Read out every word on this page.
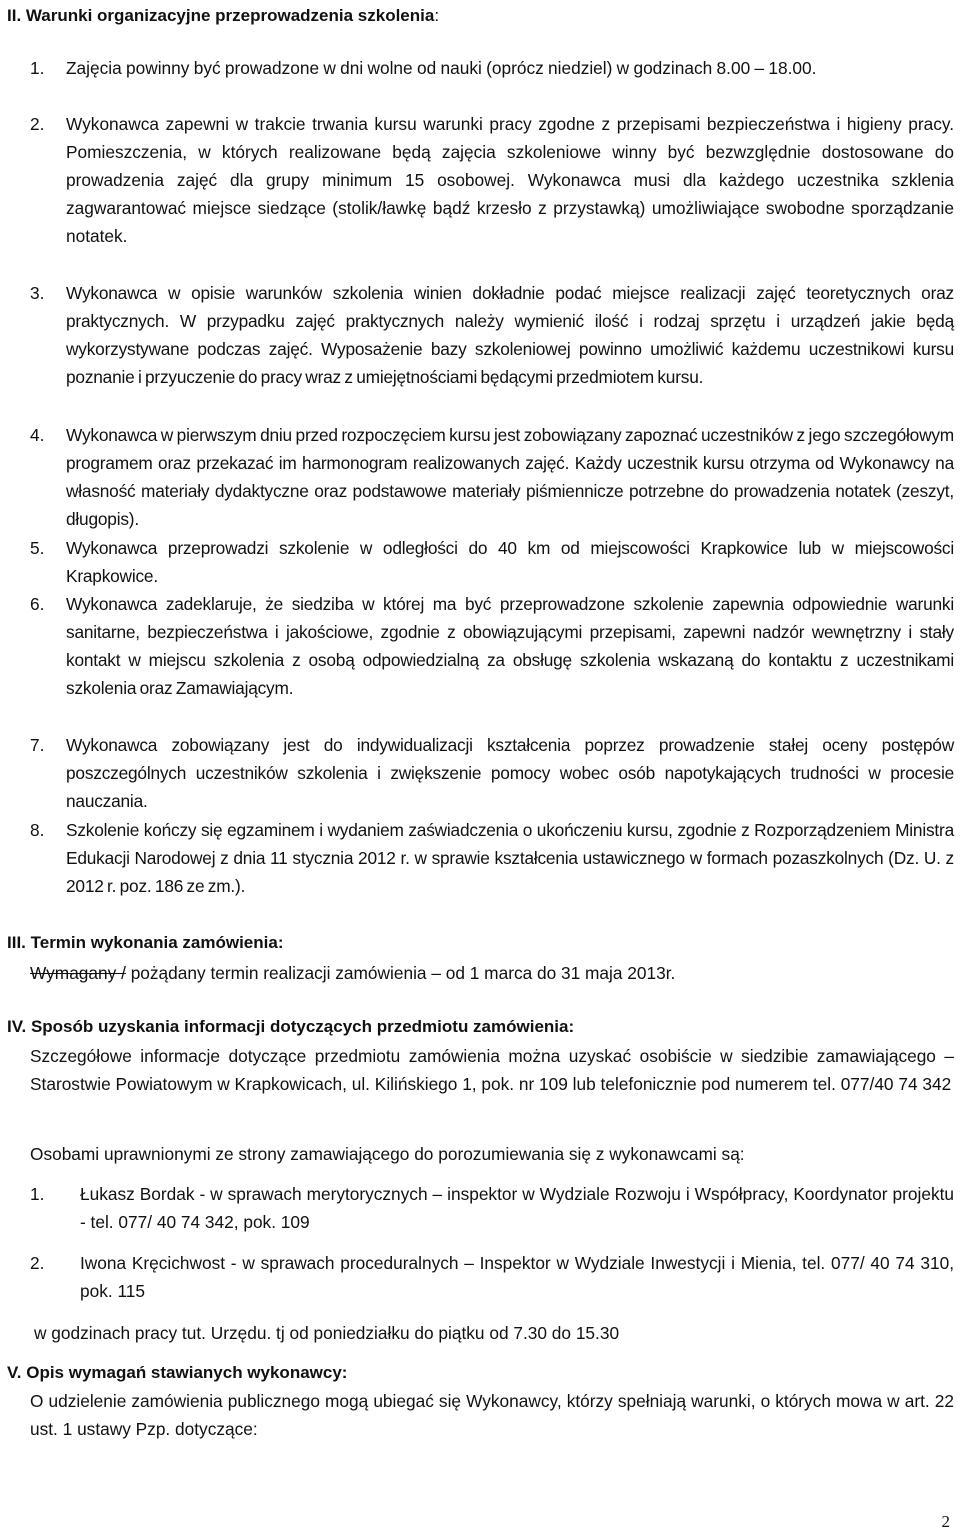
II. Warunki organizacyjne przeprowadzenia szkolenia:
1. Zajęcia powinny być prowadzone w dni wolne od nauki (oprócz niedziel) w godzinach 8.00 – 18.00.
2. Wykonawca zapewni w trakcie trwania kursu warunki pracy zgodne z przepisami bezpieczeństwa i higieny pracy. Pomieszczenia, w których realizowane będą zajęcia szkoleniowe winny być bezwzględnie dostosowane do prowadzenia zajęć dla grupy minimum 15 osobowej. Wykonawca musi dla każdego uczestnika szklenia zagwarantować miejsce siedzące (stolik/ławkę bądź krzesło z przystawką) umożliwiające swobodne sporządzanie notatek.
3. Wykonawca w opisie warunków szkolenia winien dokładnie podać miejsce realizacji zajęć teoretycznych oraz praktycznych. W przypadku zajęć praktycznych należy wymienić ilość i rodzaj sprzętu i urządzeń jakie będą wykorzystywane podczas zajęć. Wyposażenie bazy szkoleniowej powinno umożliwić każdemu uczestnikowi kursu poznanie i przyuczenie do pracy wraz z umiejętnościami będącymi przedmiotem kursu.
4. Wykonawca w pierwszym dniu przed rozpoczęciem kursu jest zobowiązany zapoznać uczestników z jego szczegółowym programem oraz przekazać im harmonogram realizowanych zajęć. Każdy uczestnik kursu otrzyma od Wykonawcy na własność materiały dydaktyczne oraz podstawowe materiały piśmiennicze potrzebne do prowadzenia notatek (zeszyt, długopis).
5. Wykonawca przeprowadzi szkolenie w odległości do 40 km od miejscowości Krapkowice lub w miejscowości Krapkowice.
6. Wykonawca zadeklaruje, że siedziba w której ma być przeprowadzone szkolenie zapewnia odpowiednie warunki sanitarne, bezpieczeństwa i jakościowe, zgodnie z obowiązującymi przepisami, zapewni nadzór wewnętrzny i stały kontakt w miejscu szkolenia z osobą odpowiedzialną za obsługę szkolenia wskazaną do kontaktu z uczestnikami szkolenia oraz Zamawiającym.
7. Wykonawca zobowiązany jest do indywidualizacji kształcenia poprzez prowadzenie stałej oceny postępów poszczególnych uczestników szkolenia i zwiększenie pomocy wobec osób napotykających trudności w procesie nauczania.
8. Szkolenie kończy się egzaminem i wydaniem zaświadczenia o ukończeniu kursu, zgodnie z Rozporządzeniem Ministra Edukacji Narodowej z dnia 11 stycznia 2012 r. w sprawie kształcenia ustawicznego w formach pozaszkolnych (Dz. U. z 2012 r. poz. 186 ze zm.).
III. Termin wykonania zamówienia:
Wymagany / pożądany termin realizacji zamówienia – od 1 marca do 31 maja 2013r.
IV. Sposób uzyskania informacji dotyczących przedmiotu zamówienia:
Szczegółowe informacje dotyczące przedmiotu zamówienia można uzyskać osobiście w siedzibie zamawiającego – Starostwie Powiatowym w Krapkowicach, ul. Kilińskiego 1, pok. nr 109 lub telefonicznie pod numerem tel. 077/40 74 342
Osobami uprawnionymi ze strony zamawiającego do porozumiewania się z wykonawcami są:
1. Łukasz Bordak - w sprawach merytorycznych – inspektor w Wydziale Rozwoju i Współpracy, Koordynator projektu - tel. 077/ 40 74 342, pok. 109
2. Iwona Kręcichwost - w sprawach proceduralnych – Inspektor w Wydziale Inwestycji i Mienia, tel. 077/ 40 74 310, pok. 115
w godzinach pracy tut. Urzędu. tj od poniedziałku do piątku od 7.30 do 15.30
V. Opis wymagań stawianych wykonawcy:
O udzielenie zamówienia publicznego mogą ubiegać się Wykonawcy, którzy spełniają warunki, o których mowa w art. 22 ust. 1 ustawy Pzp. dotyczące:
2
